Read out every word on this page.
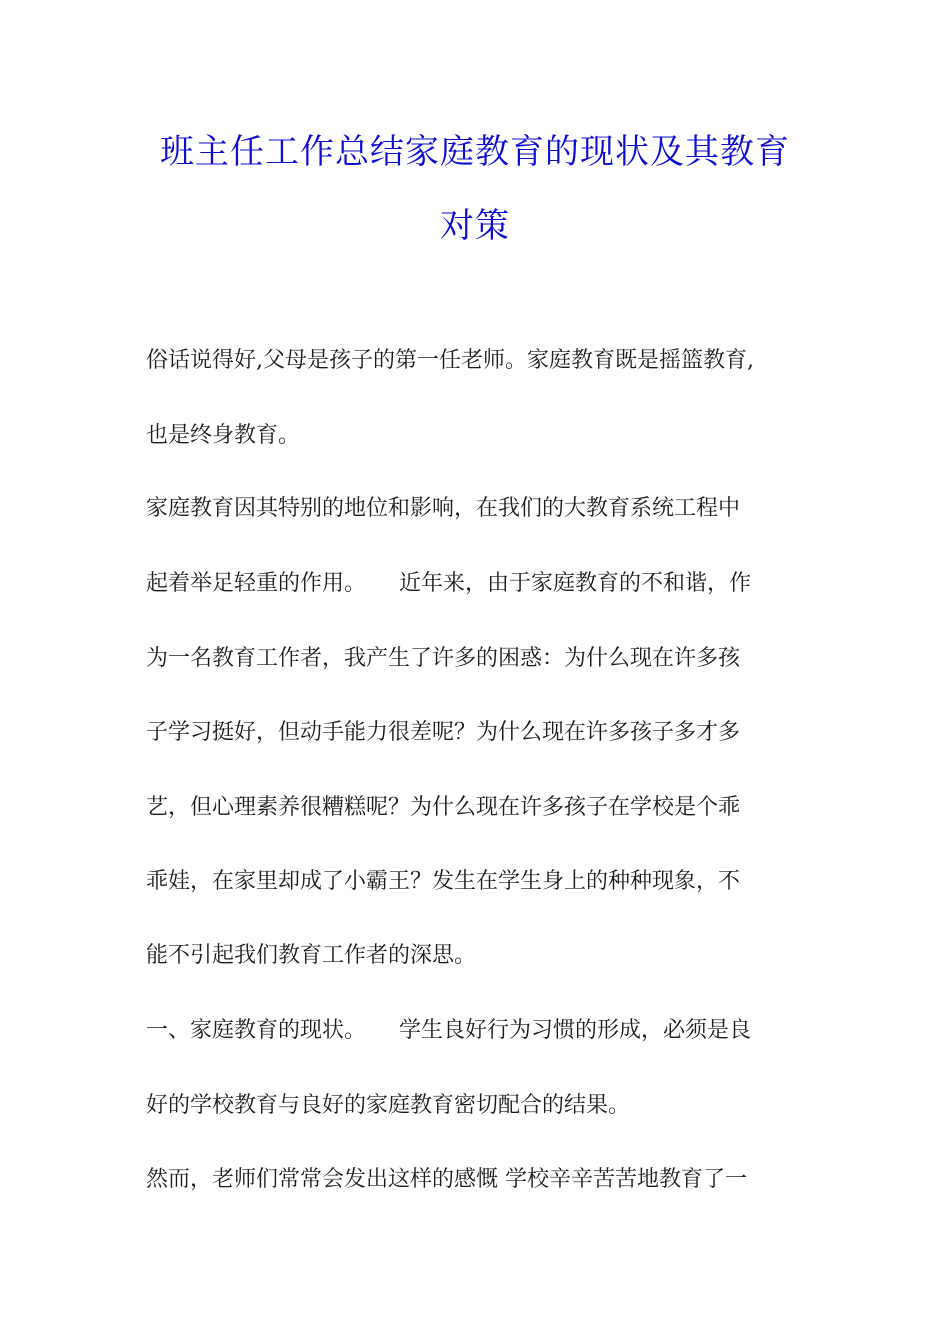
班主任工作总结家庭教育的现状及其教育
对策
俗话说得好,父母是孩子的第一任老师。家庭教育既是摇篮教育,
也是终身教育。
家庭教育因其特别的地位和影响，在我们的大教育系统工程中
起着举足轻重的作用。　　近年来，由于家庭教育的不和谐，作
为一名教育工作者，我产生了许多的困惑：为什么现在许多孩
子学习挺好，但动手能力很差呢？为什么现在许多孩子多才多
艺，但心理素养很糟糕呢？为什么现在许多孩子在学校是个乖
乖娃，在家里却成了小霸王？发生在学生身上的种种现象，不
能不引起我们教育工作者的深思。
一、家庭教育的现状。　　学生良好行为习惯的形成，必须是良
好的学校教育与良好的家庭教育密切配合的结果。
然而，老师们常常会发出这样的感慨 学校辛辛苦苦地教育了一
